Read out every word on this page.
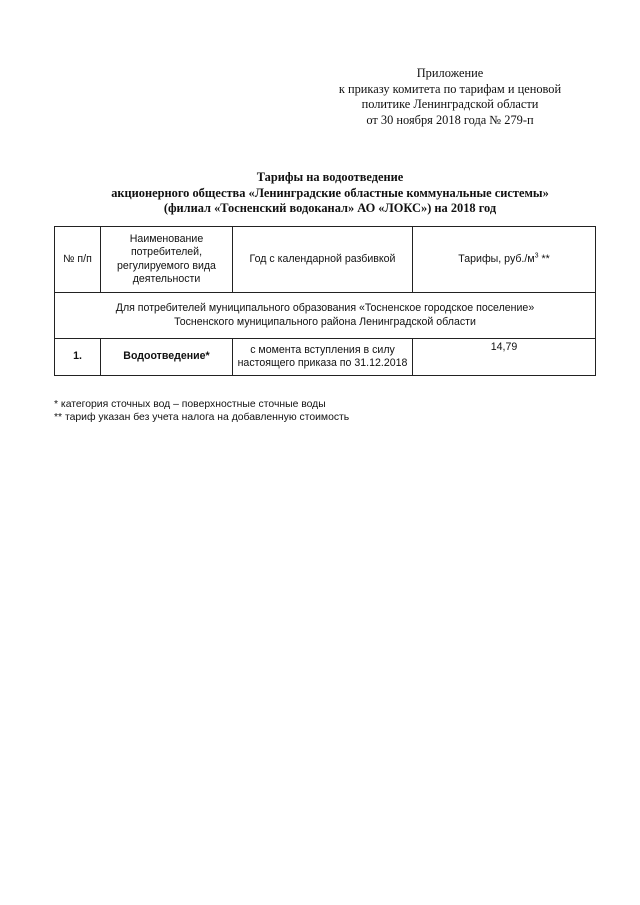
Приложение
к приказу комитета по тарифам и ценовой
политике Ленинградской области
от 30 ноября 2018 года № 279-п
Тарифы на водоотведение
акционерного общества «Ленинградские областные коммунальные системы»
(филиал «Тосненский водоканал» АО «ЛОКС») на 2018 год
№ п/п	Наименование потребителей, регулируемого вида деятельности	Год с календарной разбивкой	Тарифы, $руб./м^3$ **

Для потребителей муниципального образования «Тосненское городское поселение»
Тосненского муниципального района Ленинградской области			

1.	Водоотведение*	с момента вступления в силу настоящего приказа по 31.12.2018	14,79
* категория сточных вод – поверхностные сточные воды
** тариф указан без учета налога на добавленную стоимость
